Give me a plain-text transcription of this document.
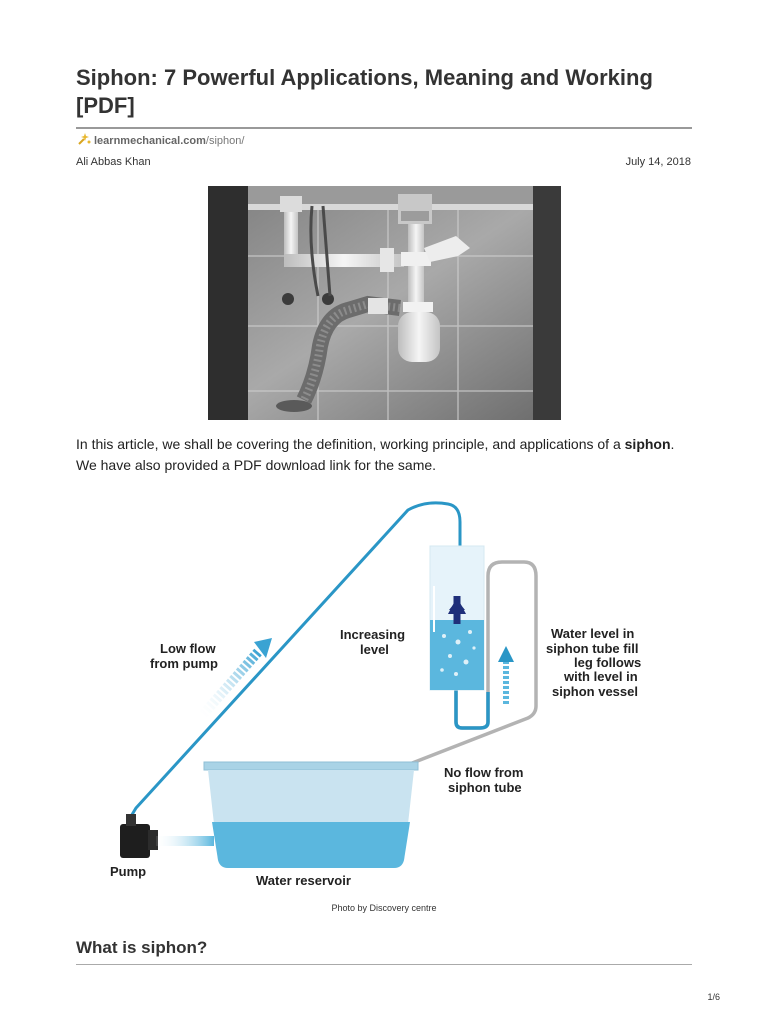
Siphon: 7 Powerful Applications, Meaning and Working [PDF]
learnmechanical.com/siphon/
Ali Abbas Khan	July 14, 2018

In this article, we shall be covering the definition, working principle, and applications of a siphon. We have also provided a PDF download link for the same.

Low flow
from pump
Increasing
level
Water level in
siphon tube fill
leg follows
with level in
siphon vessel
No flow from
siphon tube
Pump
Water reservoir
Photo by Discovery centre
What is siphon?
1/6
